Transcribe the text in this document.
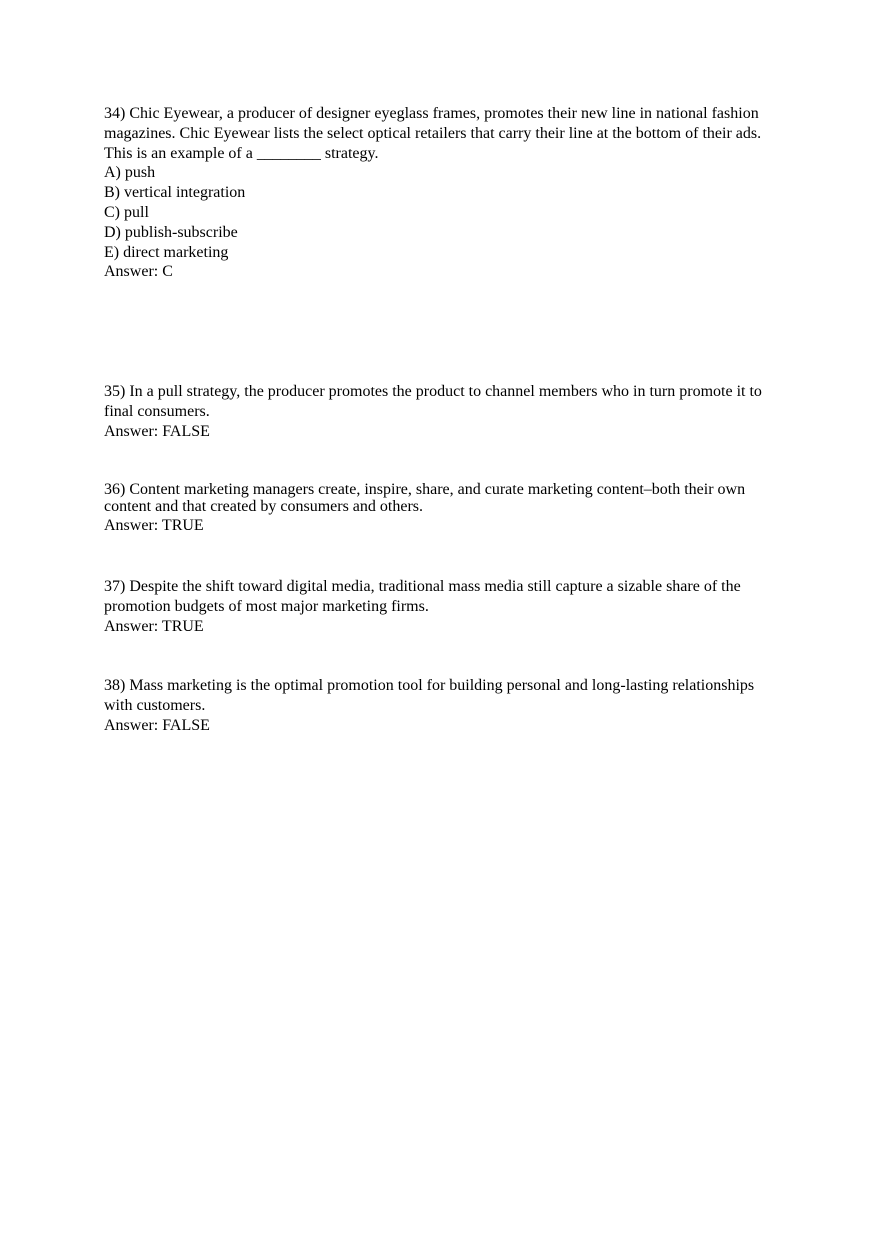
34) Chic Eyewear, a producer of designer eyeglass frames, promotes their new line in national fashion magazines. Chic Eyewear lists the select optical retailers that carry their line at the bottom of their ads. This is an example of a ________ strategy.

A) push
B) vertical integration
C) pull
D) publish-subscribe
E) direct marketing
Answer: C

35) In a pull strategy, the producer promotes the product to channel members who in turn promote it to final consumers.

Answer: FALSE

36) Content marketing managers create, inspire, share, and curate marketing content–both their own content and that created by consumers and others.

Answer: TRUE

37) Despite the shift toward digital media, traditional mass media still capture a sizable share of the promotion budgets of most major marketing firms.

Answer: TRUE

38) Mass marketing is the optimal promotion tool for building personal and long-lasting relationships with customers.

Answer: FALSE
